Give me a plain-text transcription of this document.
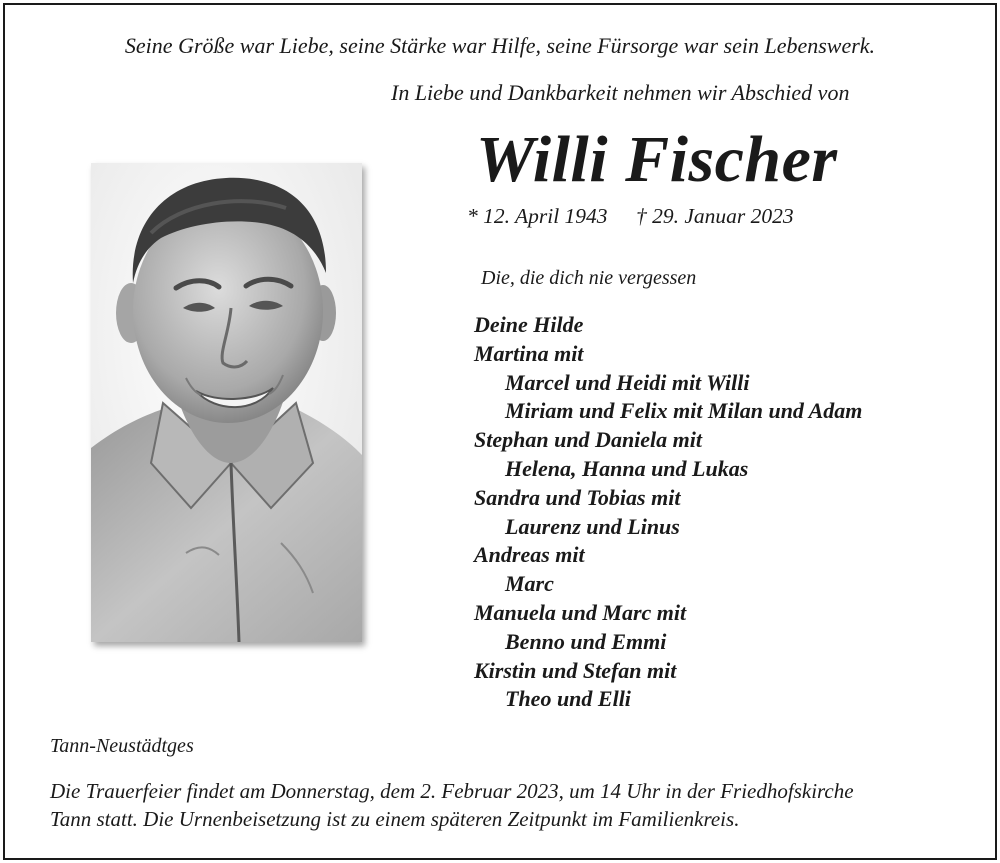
Seine Größe war Liebe, seine Stärke war Hilfe, seine Fürsorge war sein Lebenswerk.
In Liebe und Dankbarkeit nehmen wir Abschied von
Willi Fischer
* 12. April 1943 † 29. Januar 2023
Die, die dich nie vergessen
Deine Hilde
Martina mit
Marcel und Heidi mit Willi
Miriam und Felix mit Milan und Adam
Stephan und Daniela mit
Helena, Hanna und Lukas
Sandra und Tobias mit
Laurenz und Linus
Andreas mit
Marc
Manuela und Marc mit
Benno und Emmi
Kirstin und Stefan mit
Theo und Elli
Tann-Neustädtges
Die Trauerfeier findet am Donnerstag, dem 2. Februar 2023, um 14 Uhr in der Friedhofskirche
Tann statt. Die Urnenbeisetzung ist zu einem späteren Zeitpunkt im Familienkreis.
